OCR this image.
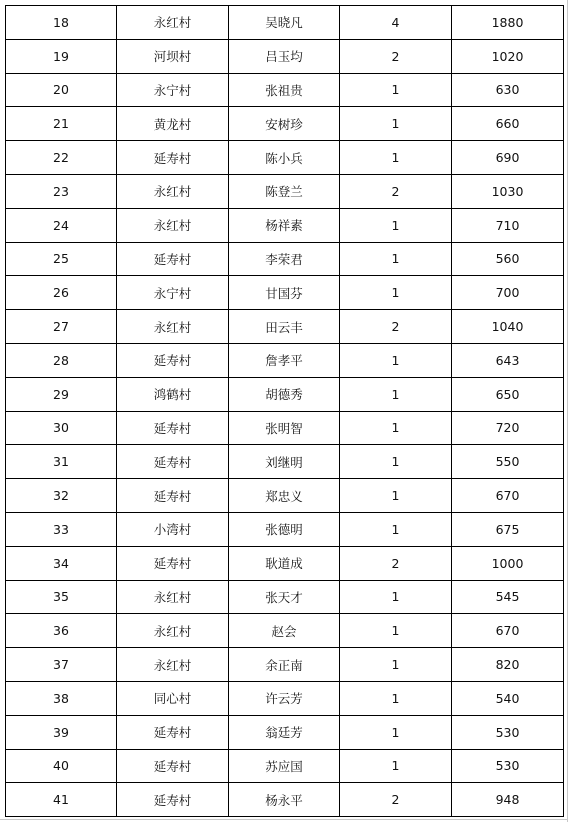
18	永红村	吴晓凡	4	1880
19	河坝村	吕玉均	2	1020
20	永宁村	张祖贵	1	630
21	黄龙村	安树珍	1	660
22	延寿村	陈小兵	1	690
23	永红村	陈登兰	2	1030
24	永红村	杨祥素	1	710
25	延寿村	李荣君	1	560
26	永宁村	甘国芬	1	700
27	永红村	田云丰	2	1040
28	延寿村	詹孝平	1	643
29	鸿鹤村	胡德秀	1	650
30	延寿村	张明智	1	720
31	延寿村	刘继明	1	550
32	延寿村	郑忠义	1	670
33	小湾村	张德明	1	675
34	延寿村	耿道成	2	1000
35	永红村	张天才	1	545
36	永红村	赵会	1	670
37	永红村	余正南	1	820
38	同心村	许云芳	1	540
39	延寿村	翁廷芳	1	530
40	延寿村	苏应国	1	530
41	延寿村	杨永平	2	948
